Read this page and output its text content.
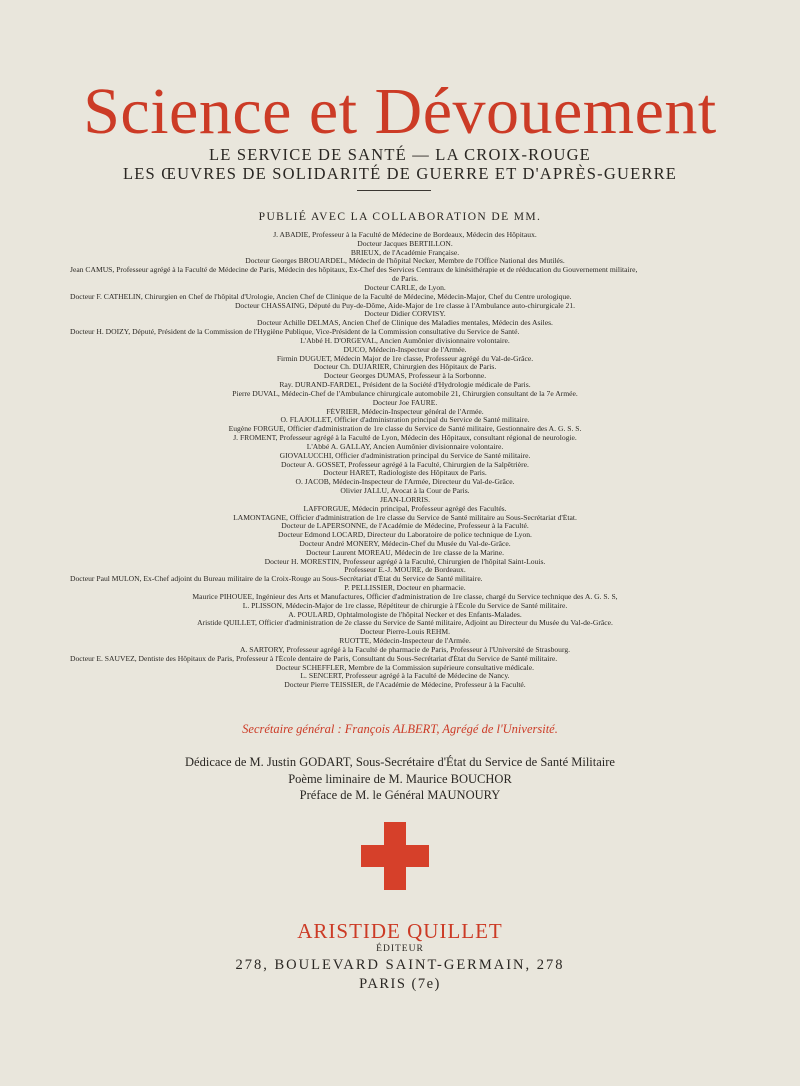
Science et Dévouement
LE SERVICE DE SANTÉ — LA CROIX-ROUGE
LES ŒUVRES DE SOLIDARITÉ DE GUERRE ET D'APRÈS-GUERRE
PUBLIÉ AVEC LA COLLABORATION DE MM.
J. ABADIE, Professeur à la Faculté de Médecine de Bordeaux, Médecin des Hôpitaux.
Docteur Jacques BERTILLON.
BRIEUX, de l'Académie Française.
Docteur Georges BROUARDEL, Médecin de l'hôpital Necker, Membre de l'Office National des Mutilés.
Jean CAMUS, Professeur agrégé à la Faculté de Médecine de Paris, Médecin des hôpitaux, Ex-Chef des Services Centraux de kinésithérapie et de rééducation du Gouvernement militaire,
de Paris.
Docteur CARLE, de Lyon.
Docteur F. CATHELIN, Chirurgien en Chef de l'hôpital d'Urologie, Ancien Chef de Clinique de la Faculté de Médecine, Médecin-Major, Chef du Centre urologique.
Docteur CHASSAING, Député du Puy-de-Dôme, Aide-Major de 1re classe à l'Ambulance auto-chirurgicale 21.
Docteur Didier CORVISY.
Docteur Achille DELMAS, Ancien Chef de Clinique des Maladies mentales, Médecin des Asiles.
Docteur H. DOIZY, Député, Président de la Commission de l'Hygiène Publique, Vice-Président de la Commission consultative du Service de Santé.
L'Abbé H. D'ORGEVAL, Ancien Aumônier divisionnaire volontaire.
DUCO, Médecin-Inspecteur de l'Armée.
Firmin DUGUET, Médecin Major de 1re classe, Professeur agrégé du Val-de-Grâce.
Docteur Ch. DUJARIER, Chirurgien des Hôpitaux de Paris.
Docteur Georges DUMAS, Professeur à la Sorbonne.
Ray. DURAND-FARDEL, Président de la Société d'Hydrologie médicale de Paris.
Pierre DUVAL, Médecin-Chef de l'Ambulance chirurgicale automobile 21, Chirurgien consultant de la 7e Armée.
Docteur Joe FAURE.
FÉVRIER, Médecin-Inspecteur général de l'Armée.
O. FLAJOLLET, Officier d'administration principal du Service de Santé militaire.
Eugène FORGUE, Officier d'administration de 1re classe du Service de Santé militaire, Gestionnaire des A. G. S. S.
J. FROMENT, Professeur agrégé à la Faculté de Lyon, Médecin des Hôpitaux, consultant régional de neurologie.
L'Abbé A. GALLAY, Ancien Aumônier divisionnaire volontaire.
GIOVALUCCHI, Officier d'administration principal du Service de Santé militaire.
Docteur A. GOSSET, Professeur agrégé à la Faculté, Chirurgien de la Salpêtrière.
Docteur HARET, Radiologiste des Hôpitaux de Paris.
O. JACOB, Médecin-Inspecteur de l'Armée, Directeur du Val-de-Grâce.
Olivier JALLU, Avocat à la Cour de Paris.
JEAN-LORRIS.
LAFFORGUE, Médecin principal, Professeur agrégé des Facultés.
LAMONTAGNE, Officier d'administration de 1re classe du Service de Santé militaire au Sous-Secrétariat d'État.
Docteur de LAPERSONNE, de l'Académie de Médecine, Professeur à la Faculté.
Docteur Edmond LOCARD, Directeur du Laboratoire de police technique de Lyon.
Docteur André MONERY, Médecin-Chef du Musée du Val-de-Grâce.
Docteur Laurent MOREAU, Médecin de 1re classe de la Marine.
Docteur H. MORESTIN, Professeur agrégé à la Faculté, Chirurgien de l'hôpital Saint-Louis.
Professeur E.-J. MOURE, de Bordeaux.
Docteur Paul MULON, Ex-Chef adjoint du Bureau militaire de la Croix-Rouge au Sous-Secrétariat d'État du Service de Santé militaire.
P. PELLISSIER, Docteur en pharmacie.
Maurice PIHOUEE, Ingénieur des Arts et Manufactures, Officier d'administration de 1re classe, chargé du Service technique des A. G. S. S,
L. PLISSON, Médecin-Major de 1re classe, Répétiteur de chirurgie à l'École du Service de Santé militaire.
A. POULARD, Ophtalmologiste de l'hôpital Necker et des Enfants-Malades.
Aristide QUILLET, Officier d'administration de 2e classe du Service de Santé militaire, Adjoint au Directeur du Musée du Val-de-Grâce.
Docteur Pierre-Louis REHM.
RUOTTE, Médecin-Inspecteur de l'Armée.
A. SARTORY, Professeur agrégé à la Faculté de pharmacie de Paris, Professeur à l'Université de Strasbourg.
Docteur E. SAUVEZ, Dentiste des Hôpitaux de Paris, Professeur à l'École dentaire de Paris, Consultant du Sous-Secrétariat d'État du Service de Santé militaire.
Docteur SCHEFFLER, Membre de la Commission supérieure consultative médicale.
L. SENCERT, Professeur agrégé à la Faculté de Médecine de Nancy.
Docteur Pierre TEISSIER, de l'Académie de Médecine, Professeur à la Faculté.
Secrétaire général : François ALBERT, Agrégé de l'Université.
Dédicace de M. Justin GODART, Sous-Secrétaire d'État du Service de Santé Militaire
Poème liminaire de M. Maurice BOUCHOR
Préface de M. le Général MAUNOURY
ARISTIDE QUILLET
ÉDITEUR
278, BOULEVARD SAINT-GERMAIN, 278
PARIS (7e)
